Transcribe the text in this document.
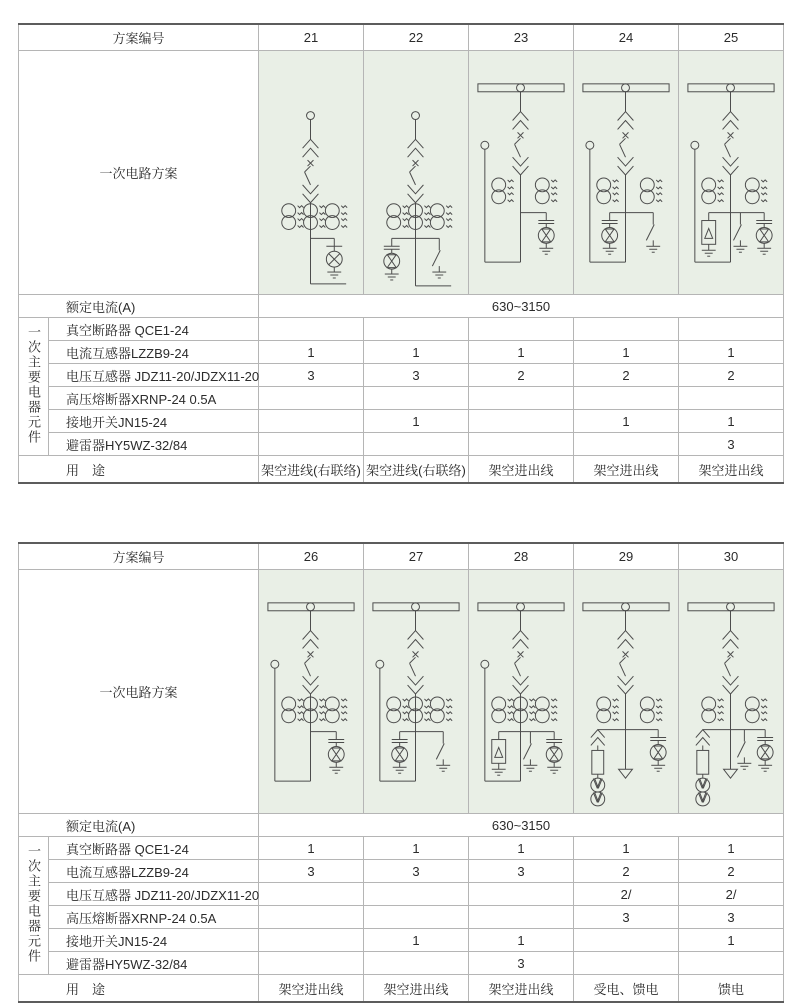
方案编号		21	22	23	24	25
一次电路方案	

额定电流(A)		630~3150				
一次主要电器元件	真空断路器 QCE1-24					
	电流互感器LZZB9-24	1	1	1	1	1
	电压互感器 JDZ11-20/JDZX11-20	3	3	2	2	2
	高压熔断器XRNP-24 0.5A					
	接地开关JN15-24		1		1	1
	避雷器HY5WZ-32/84					3
用　途		架空进线(右联络)	架空进线(右联络)	架空进出线	架空进出线	架空进出线
方案编号		26	27	28	29	30
一次电路方案	

额定电流(A)		630~3150				
一次主要电器元件	真空断路器 QCE1-24	1	1	1	1	1
	电流互感器LZZB9-24	3	3	3	2	2
	电压互感器 JDZ11-20/JDZX11-20				2/	2/
	高压熔断器XRNP-24 0.5A				3	3
	接地开关JN15-24		1	1		1
	避雷器HY5WZ-32/84			3		
用　途		架空进出线	架空进出线	架空进出线	受电、馈电	馈电
